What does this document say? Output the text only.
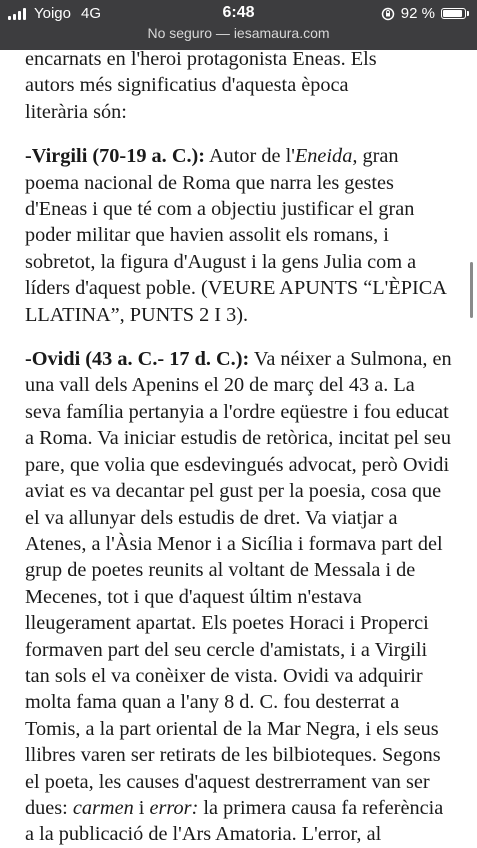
Yoigo 4G	6:48	92 %
No seguro — iesamaura.com

encarnats en l'heroi protagonista Eneas. Els
autors més significatius d'aquesta època
literària són:

-Virgili (70-19 a. C.): Autor de l'Eneida, gran poema nacional de Roma que narra les gestes d'Eneas i que té com a objectiu justificar el gran poder militar que havien assolit els romans, i sobretot, la figura d'August i la gens Julia com a líders d'aquest poble. (VEURE APUNTS “L'ÈPICA LLATINA”, PUNTS 2 I 3).

-Ovidi (43 a. C.- 17 d. C.): Va néixer a Sulmona, en una vall dels Apenins el 20 de març del 43 a. La seva família pertanyia a l'ordre eqüestre i fou educat a Roma. Va iniciar estudis de retòrica, incitat pel seu pare, que volia que esdevingués advocat, però Ovidi aviat es va decantar pel gust per la poesia, cosa que el va allunyar dels estudis de dret. Va viatjar a Atenes, a l'Àsia Menor i a Sicília i formava part del grup de poetes reunits al voltant de Messala i de Mecenes, tot i que d'aquest últim n'estava lleugerament apartat. Els poetes Horaci i Properci formaven part del seu cercle d'amistats, i a Virgili tan sols el va conèixer de vista. Ovidi va adquirir molta fama quan a l'any 8 d. C. fou desterrat a Tomis, a la part oriental de la Mar Negra, i els seus llibres varen ser retirats de les bilbioteques. Segons el poeta, les causes d'aquest destrerrament van ser dues: carmen i error: la primera causa fa referència a la publicació de l'Ars Amatoria. L'error, al
